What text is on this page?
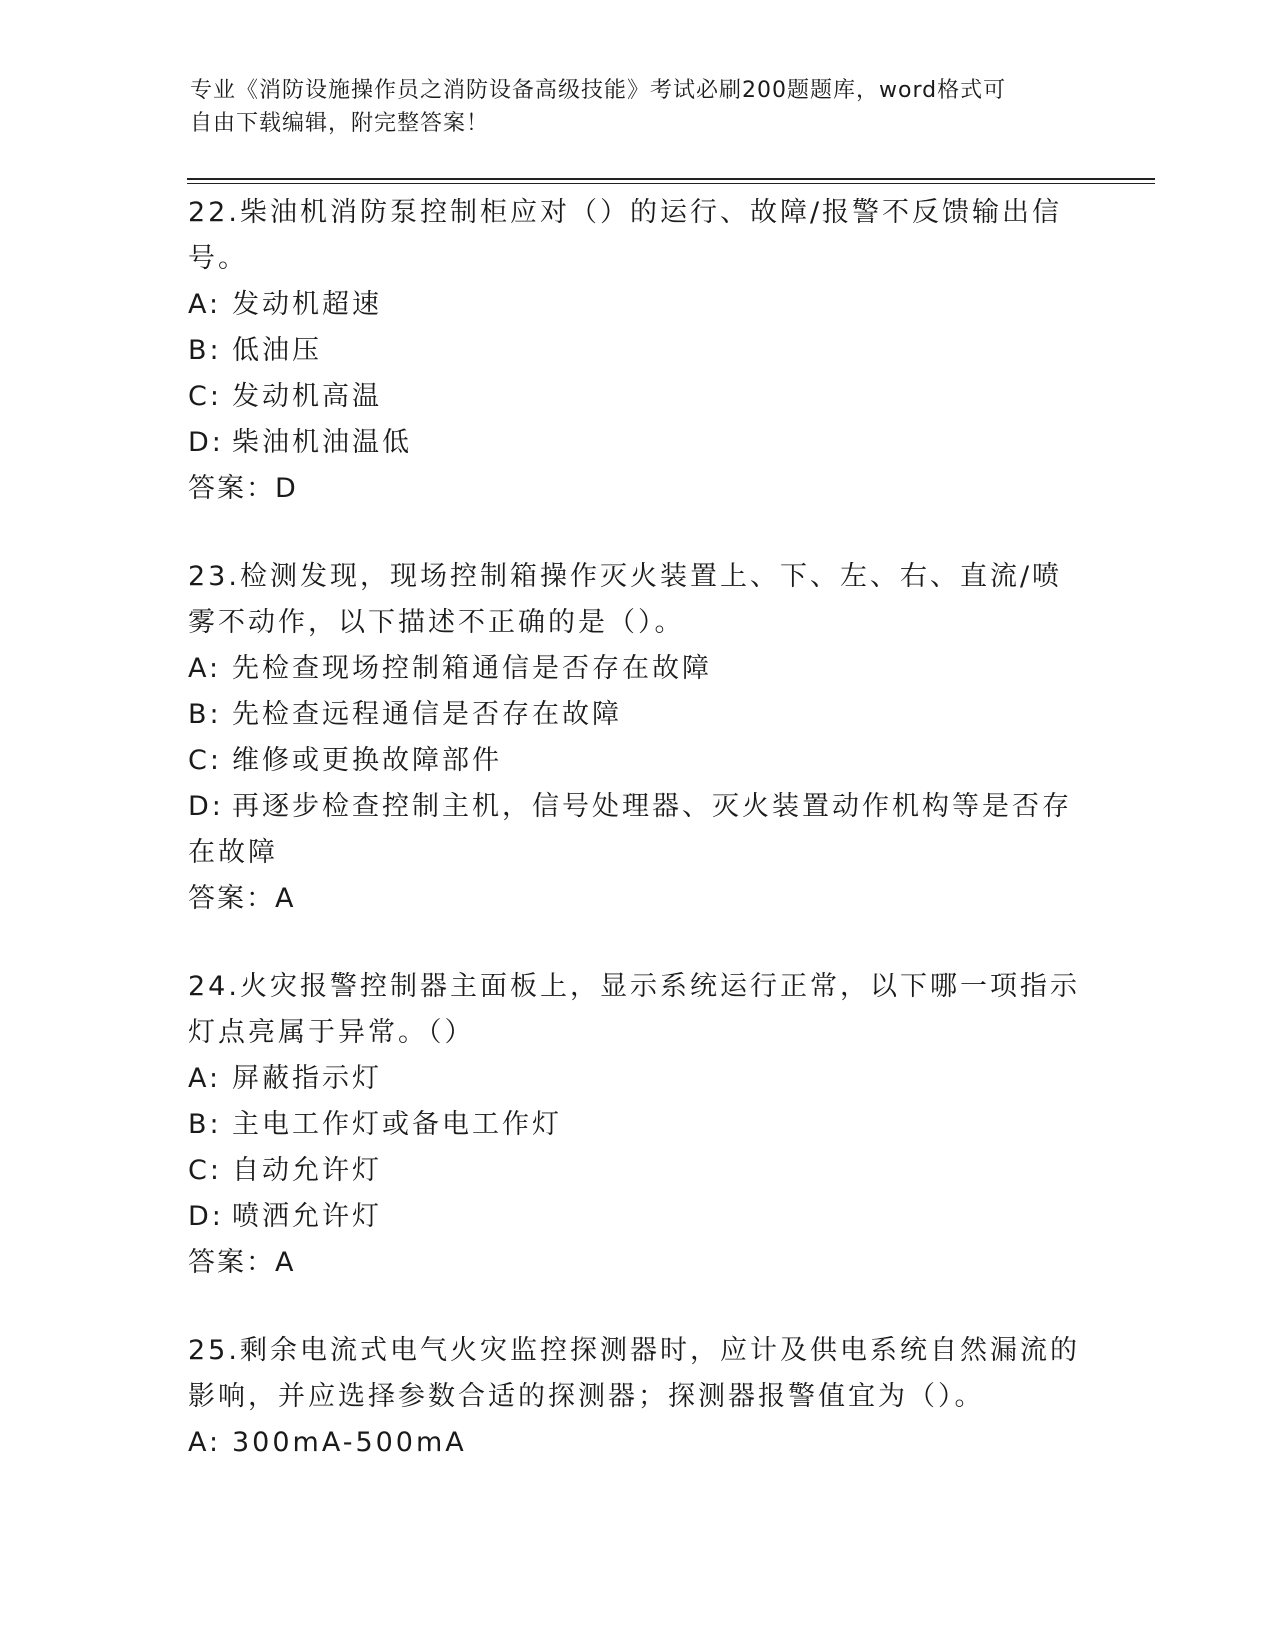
专业《消防设施操作员之消防设备高级技能》考试必刷200题题库，word格式可
自由下载编辑，附完整答案！
22.柴油机消防泵控制柜应对（）的运行、故障/报警不反馈输出信号。
A: 发动机超速
B: 低油压
C: 发动机高温
D: 柴油机油温低
答案：D
23.检测发现，现场控制箱操作灭火装置上、下、左、右、直流/喷雾不动作，以下描述不正确的是（）。
A: 先检查现场控制箱通信是否存在故障
B: 先检查远程通信是否存在故障
C: 维修或更换故障部件
D: 再逐步检查控制主机，信号处理器、灭火装置动作机构等是否存在故障
答案：A
24.火灾报警控制器主面板上，显示系统运行正常，以下哪一项指示灯点亮属于异常。（）
A: 屏蔽指示灯
B: 主电工作灯或备电工作灯
C: 自动允许灯
D: 喷洒允许灯
答案：A
25.剩余电流式电气火灾监控探测器时，应计及供电系统自然漏流的影响，并应选择参数合适的探测器；探测器报警值宜为（）。
A: 300mA-500mA
